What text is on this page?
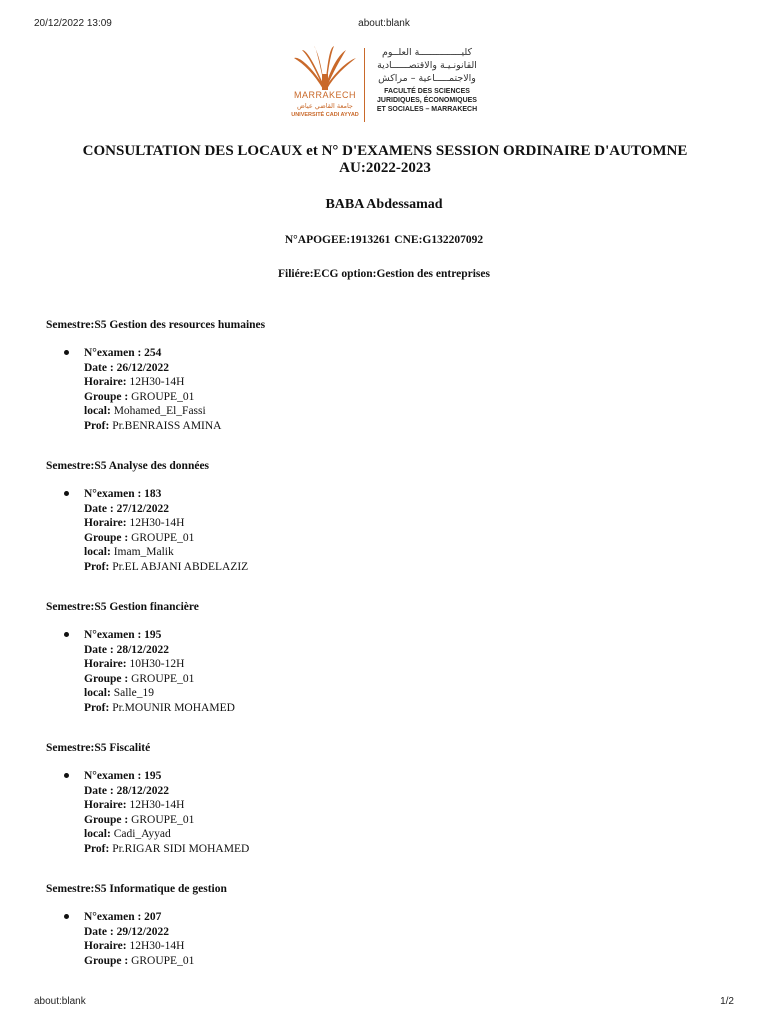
20/12/2022 13:09	about:blank
MARRAKECH
جامعة القاضي عياض
UNIVERSITÉ CADI AYYAD
كليـــــــــــــــة العلــوم
القانونـيـة والاقتصــــــادية
والاجتمـــــاعية – مراكش
FACULTÉ DES SCIENCES
JURIDIQUES, ÉCONOMIQUES
ET SOCIALES – MARRAKECH
CONSULTATION DES LOCAUX et N° D'EXAMENS SESSION ORDINAIRE D'AUTOMNE
AU:2022-2023
BABA Abdessamad
N°APOGEE:1913261 CNE:G132207092
Filiére:ECG option:Gestion des entreprises
Semestre:S5 Gestion des resources humaines
N°examen : 254
Date : 26/12/2022
Horaire: 12H30-14H
Groupe : GROUPE_01
local: Mohamed_El_Fassi
Prof: Pr.BENRAISS AMINA
Semestre:S5 Analyse des données
N°examen : 183
Date : 27/12/2022
Horaire: 12H30-14H
Groupe : GROUPE_01
local: Imam_Malik
Prof: Pr.EL ABJANI ABDELAZIZ
Semestre:S5 Gestion financière
N°examen : 195
Date : 28/12/2022
Horaire: 10H30-12H
Groupe : GROUPE_01
local: Salle_19
Prof: Pr.MOUNIR MOHAMED
Semestre:S5 Fiscalité
N°examen : 195
Date : 28/12/2022
Horaire: 12H30-14H
Groupe : GROUPE_01
local: Cadi_Ayyad
Prof: Pr.RIGAR SIDI MOHAMED
Semestre:S5 Informatique de gestion
N°examen : 207
Date : 29/12/2022
Horaire: 12H30-14H
Groupe : GROUPE_01
about:blank	1/2
